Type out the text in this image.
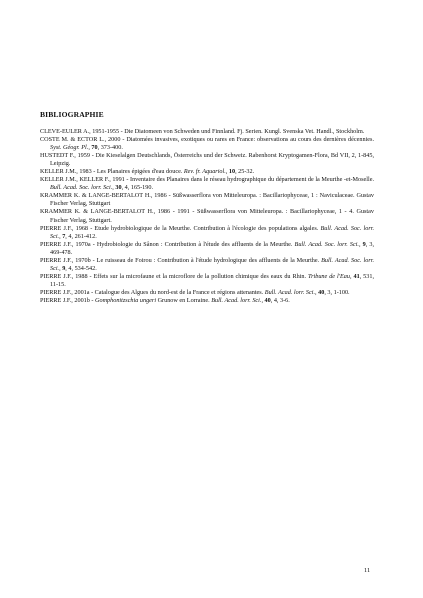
BIBLIOGRAPHIE

CLEVE-EULER A., 1951-1955 - Die Diatomeen von Schweden und Finnland. Fj. Serien. Kungl. Svenska Vet. Handl., Stockholm.

COSTE M. & ECTOR L., 2000 - Diatomées invasives, exotiques ou rares en France: observations au cours des dernières décennies. Syst. Géogr. Pl., 70, 373-400.

HUSTEDT F., 1959 - Die Kieselalgen Deutschlands, Österreichs und der Schweiz. Rabenhorst Kryptogamen-Flora, Bd VII, 2, 1-845, Leipzig.

KELLER J.M., 1983 - Les Planaires épigées d'eau douce. Rev. fr. Aquariol., 10, 25-32.

KELLER J.M., KELLER F., 1991 - Inventaire des Planaires dans le réseau hydrographique du département de la Meurthe -et-Moselle. Bull. Acad. Soc. lorr. Sci., 30, 4, 165-190.

KRAMMER K. & LANGE-BERTALOT H., 1986 - Süßwasserflora von Mitteleuropa. : Bacillariophyceae, 1 : Naviculaceae. Gustav Fischer Verlag, Stuttgart

KRAMMER K. & LANGE-BERTALOT H., 1986 - 1991 - Süßwasserflora von Mitteleuropa. : Bacillariophyceae, 1 - 4. Gustav Fischer Verlag, Stuttgart.

PIERRE J.F., 1968 - Etude hydrobiologique de la Meurthe. Contribution à l'écologie des populations algales. Bull. Acad. Soc. lorr. Sci., 7, 4, 261-412.

PIERRE J.F., 1970a - Hydrobiologie du Sânon : Contribution à l'étude des affluents de la Meurthe. Bull. Acad. Soc. lorr. Sci., 9, 3, 469-478.

PIERRE J.F., 1970b - Le ruisseau de Foirou : Contribution à l'étude hydrologique des affluents de la Meurthe. Bull. Acad. Soc. lorr. Sci., 9, 4, 534-542.

PIERRE J.F., 1988 - Effets sur la microfaune et la microflore de la pollution chimique des eaux du Rhin. Tribune de l'Eau, 41, 531, 11-15.

PIERRE J.F., 2001a - Catalogue des Algues du nord-est de la France et régions attenantes. Bull. Acad. lorr. Sci., 40, 3, 1-100.

PIERRE J.F., 2001b - Gomphonitzschia ungeri Grunow en Lorraine. Bull. Acad. lorr. Sci., 40, 4, 3-6.

11
